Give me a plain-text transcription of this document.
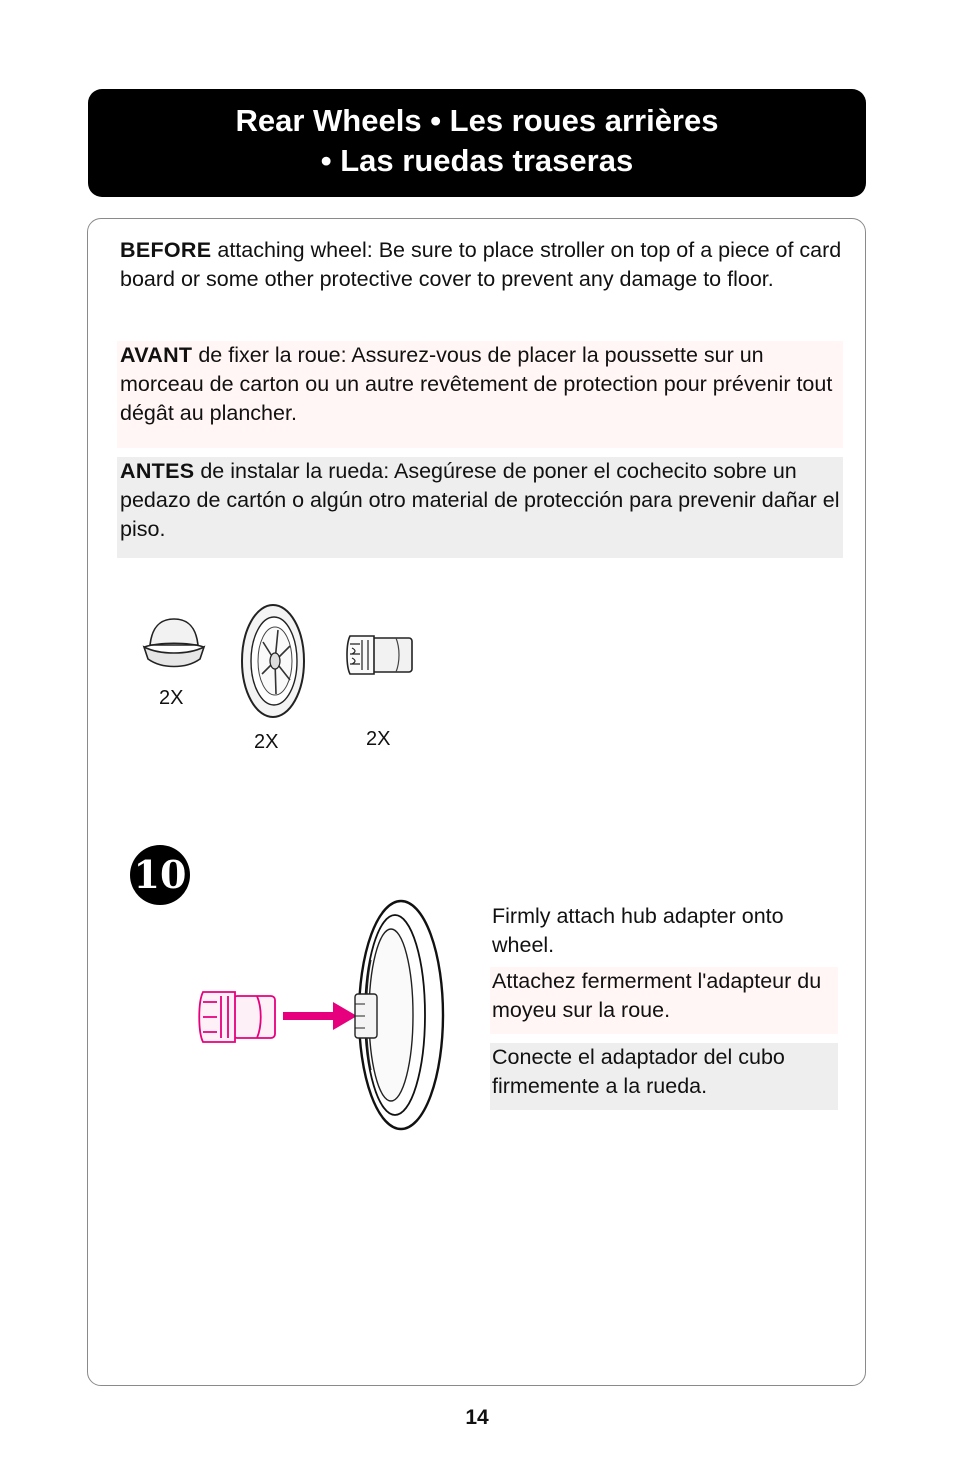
Rear Wheels • Les roues arrières
• Las ruedas traseras
BEFORE attaching wheel: Be sure to place stroller on top of a piece of card board or some other protective cover to prevent any damage to floor.
AVANT de fixer la roue: Assurez-vous de placer la poussette sur un morceau de carton ou un autre revêtement de protection pour prévenir tout dégât au plancher.
ANTES de instalar la rueda: Asegúrese de poner el cochecito sobre un pedazo de cartón o algún otro material de protección para prevenir dañar el piso.
2X
2X	2X
10
Firmly attach hub adapter onto wheel.
Attachez fermerment l'adapteur du moyeu sur la roue.
Conecte el adaptador del cubo firmemente a la rueda.
14
